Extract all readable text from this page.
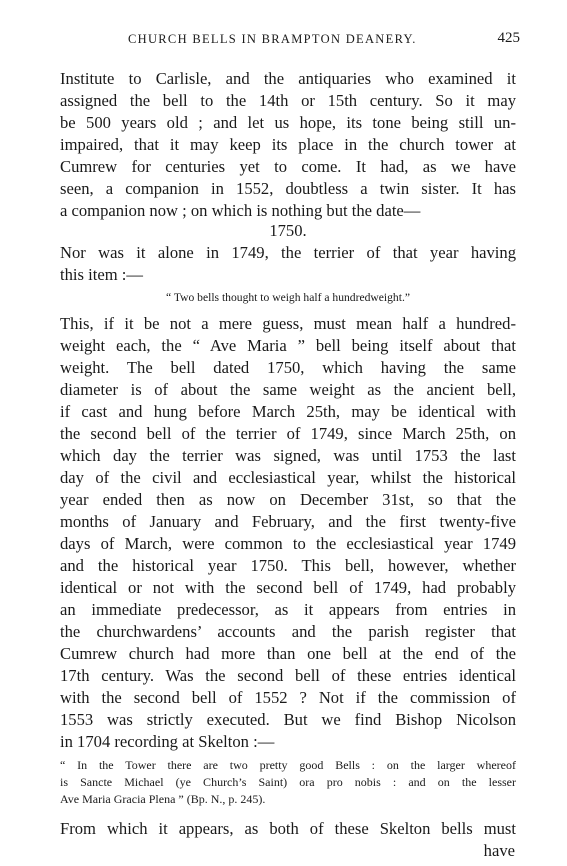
CHURCH BELLS IN BRAMPTON DEANERY.	425
Institute to Carlisle, and the antiquaries who examined it
assigned the bell to the 14th or 15th century. So it may
be 500 years old ; and let us hope, its tone being still un-
impaired, that it may keep its place in the church tower at
Cumrew for centuries yet to come. It had, as we have
seen, a companion in 1552, doubtless a twin sister. It has
a companion now ; on which is nothing but the date—
1750.
Nor was it alone in 1749, the terrier of that year having
this item :—
“ Two bells thought to weigh half a hundredweight.”
This, if it be not a mere guess, must mean half a hundred-
weight each, the “ Ave Maria ” bell being itself about that
weight. The bell dated 1750, which having the same
diameter is of about the same weight as the ancient bell,
if cast and hung before March 25th, may be identical with
the second bell of the terrier of 1749, since March 25th, on
which day the terrier was signed, was until 1753 the last
day of the civil and ecclesiastical year, whilst the historical
year ended then as now on December 31st, so that the
months of January and February, and the first twenty-five
days of March, were common to the ecclesiastical year 1749
and the historical year 1750. This bell, however, whether
identical or not with the second bell of 1749, had probably
an immediate predecessor, as it appears from entries in
the churchwardens’ accounts and the parish register that
Cumrew church had more than one bell at the end of the
17th century. Was the second bell of these entries identical
with the second bell of 1552 ? Not if the commission of
1553 was strictly executed. But we find Bishop Nicolson
in 1704 recording at Skelton :—
“ In the Tower there are two pretty good Bells : on the larger whereof
is Sancte Michael (ye Church’s Saint) ora pro nobis : and on the lesser
Ave Maria Gracia Plena ” (Bp. N., p. 245).
From which it appears, as both of these Skelton bells must
have
